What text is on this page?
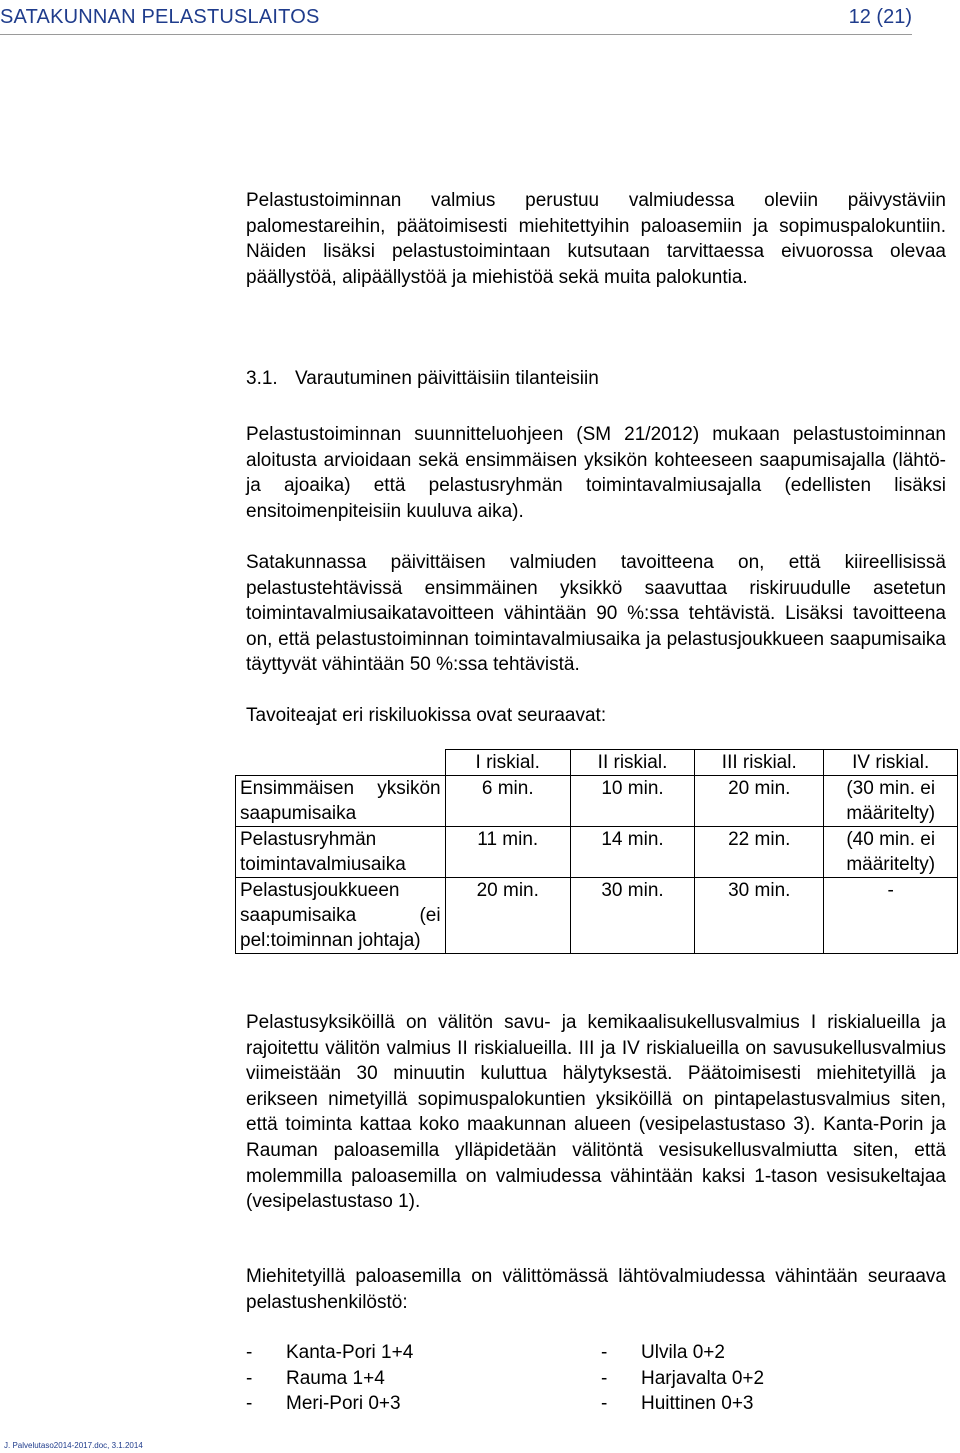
SATAKUNNAN PELASTUSLAITOS	12 (21)

Pelastustoiminnan valmius perustuu valmiudessa oleviin päivystäviin palomestareihin, päätoimisesti miehitettyihin paloasemiin ja sopimuspalokuntiin. Näiden lisäksi pelastustoimintaan kutsutaan tarvittaessa eivuorossa olevaa päällystöä, alipäällystöä ja miehistöä sekä muita palokuntia.

3.1. Varautuminen päivittäisiin tilanteisiin

Pelastustoiminnan suunnitteluohjeen (SM 21/2012) mukaan pelastustoiminnan aloitusta arvioidaan sekä ensimmäisen yksikön kohteeseen saapumisajalla (lähtö- ja ajoaika) että pelastusryhmän toimintavalmiusajalla (edellisten lisäksi ensitoimenpiteisiin kuuluva aika).

Satakunnassa päivittäisen valmiuden tavoitteena on, että kiireellisissä pelastustehtävissä ensimmäinen yksikkö saavuttaa riskiruudulle asetetun toimintavalmiusaikatavoitteen vähintään 90 %:ssa tehtävistä. Lisäksi tavoitteena on, että pelastustoiminnan toimintavalmiusaika ja pelastusjoukkueen saapumisaika täyttyvät vähintään 50 %:ssa tehtävistä.

Tavoiteajat eri riskiluokissa ovat seuraavat:

	I riskial.	II riskial.	III riskial.	IV riskial.
Ensimmäisen yksikön saapumisaika	6 min.	10 min.	20 min.	(30 min. ei määritelty)
Pelastusryhmän toimintavalmiusaika	11 min.	14 min.	22 min.	(40 min. ei määritelty)
Pelastusjoukkueen saapumisaika (ei pel:toiminnan johtaja)	20 min.	30 min.	30 min.	-

Pelastusyksiköillä on välitön savu- ja kemikaalisukellusvalmius I riskialueilla ja rajoitettu välitön valmius II riskialueilla. III ja IV riskialueilla on savusukellusvalmius viimeistään 30 minuutin kuluttua hälytyksestä. Päätoimisesti miehitetyillä ja erikseen nimetyillä sopimuspalokuntien yksiköillä on pintapelastusvalmius siten, että toiminta kattaa koko maakunnan alueen (vesipelastustaso 3). Kanta-Porin ja Rauman paloasemilla ylläpidetään välitöntä vesisukellusvalmiutta siten, että molemmilla paloasemilla on valmiudessa vähintään kaksi 1-tason vesisukeltajaa (vesipelastustaso 1).

Miehitetyillä paloasemilla on välittömässä lähtövalmiudessa vähintään seuraava pelastushenkilöstö:

-	Kanta-Pori 1+4
-	Rauma 1+4
-	Meri-Pori 0+3
-	Ulvila 0+2
-	Harjavalta 0+2
-	Huittinen 0+3
J. Palvelutaso2014-2017.doc, 3.1.2014
